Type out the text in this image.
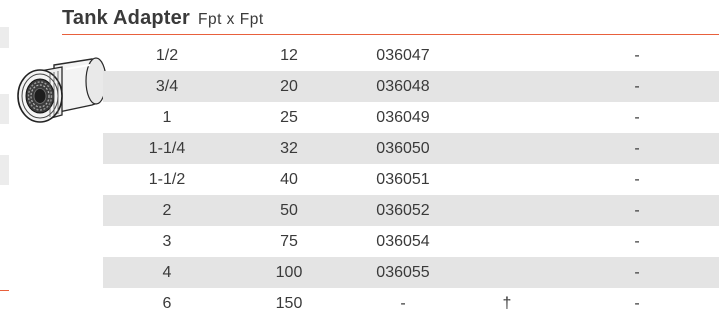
Tank Adapter Fpt x Fpt
1/2	12	036047		-
3/4	20	036048		-
1	25	036049		-
1-1/4	32	036050		-
1-1/2	40	036051		-
2	50	036052		-
3	75	036054		-
4	100	036055		-
6	150	-	†	-
